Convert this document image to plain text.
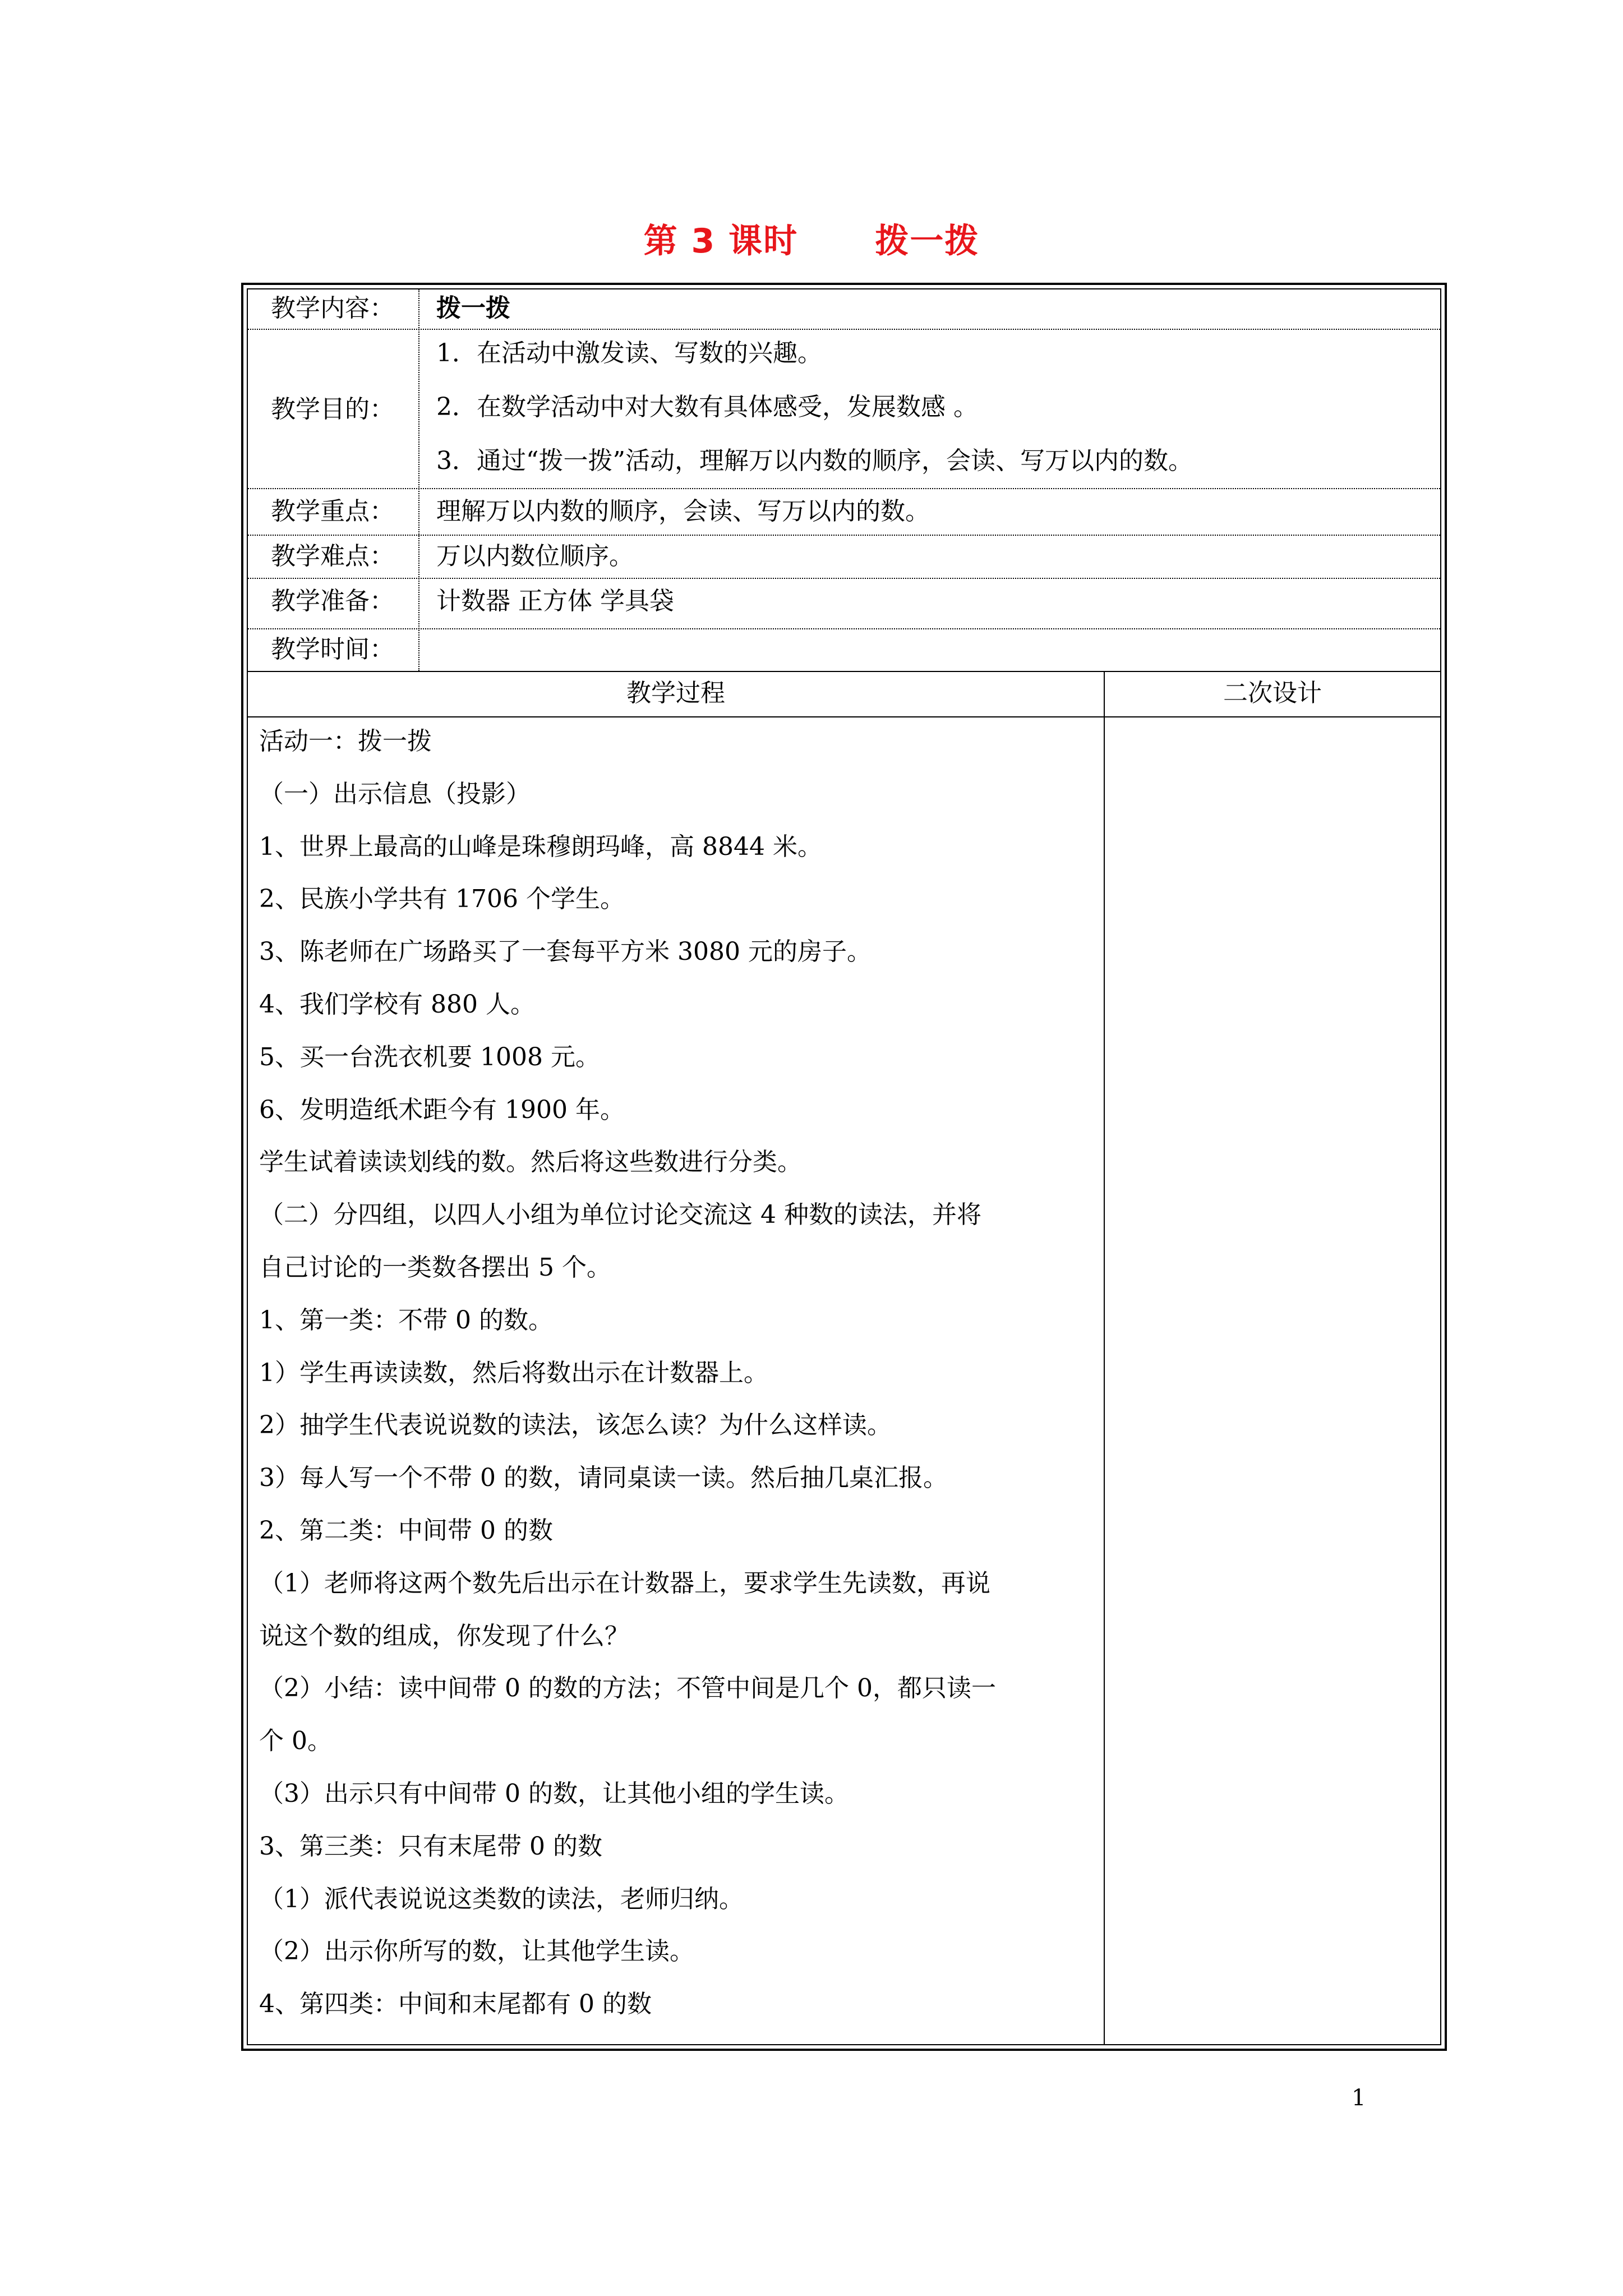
第 3 课时      拨一拨
教学内容：	拨一拨
教学目的：
1．在活动中激发读、写数的兴趣。
2．在数学活动中对大数有具体感受，发展数感 。
3．通过“拨一拨”活动，理解万以内数的顺序，会读、写万以内的数。
教学重点：	理解万以内数的顺序，会读、写万以内的数。
教学难点：	万以内数位顺序。
教学准备：	计数器 正方体 学具袋
教学时间：
教学过程	二次设计
活动一：拨一拨
（一）出示信息（投影）
1、世界上最高的山峰是珠穆朗玛峰，高 8844 米。
2、民族小学共有 1706 个学生。
3、陈老师在广场路买了一套每平方米 3080 元的房子。
4、我们学校有 880 人。
5、买一台洗衣机要 1008 元。
6、发明造纸术距今有 1900 年。
学生试着读读划线的数。然后将这些数进行分类。
（二）分四组，以四人小组为单位讨论交流这 4 种数的读法，并将
自己讨论的一类数各摆出 5 个。
1、第一类：不带 0 的数。
1）学生再读读数，然后将数出示在计数器上。
2）抽学生代表说说数的读法，该怎么读？为什么这样读。
3）每人写一个不带 0 的数，请同桌读一读。然后抽几桌汇报。
2、第二类：中间带 0 的数
（1）老师将这两个数先后出示在计数器上，要求学生先读数，再说
说这个数的组成，你发现了什么？
（2）小结：读中间带 0 的数的方法；不管中间是几个 0，都只读一
个 0。
（3）出示只有中间带 0 的数，让其他小组的学生读。
3、第三类：只有末尾带 0 的数
（1）派代表说说这类数的读法，老师归纳。
（2）出示你所写的数，让其他学生读。
4、第四类：中间和末尾都有 0 的数
1
